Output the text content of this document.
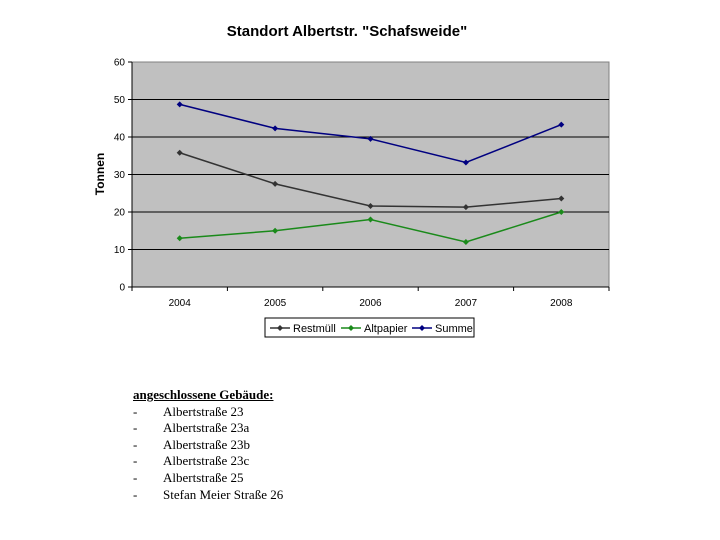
Standort Albertstr. "Schafsweide"
0
10
20
30
40
50
60
2004	2005	2006	2007	2008
Tonnen
Restmüll	Altpapier	Summe
angeschlossene Gebäude:
-	Albertstraße 23
-	Albertstraße 23a
-	Albertstraße 23b
-	Albertstraße 23c
-	Albertstraße 25
-	Stefan Meier Straße 26
